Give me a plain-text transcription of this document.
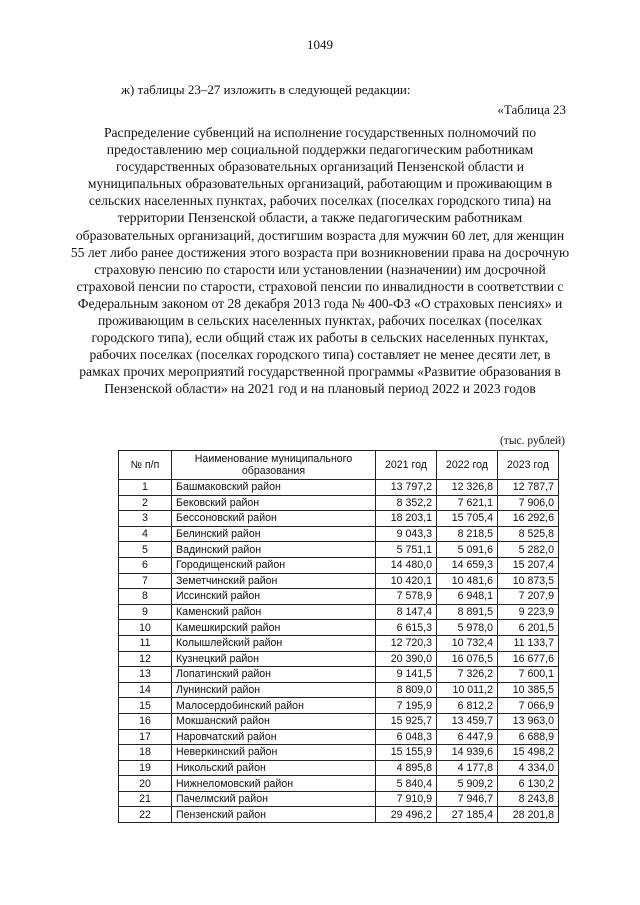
1049
ж) таблицы 23–27 изложить в следующей редакции:
«Таблица 23
Распределение субвенций на исполнение государственных полномочий по предоставлению мер социальной поддержки педагогическим работникам государственных образовательных организаций Пензенской области и муниципальных образовательных организаций, работающим и проживающим в сельских населенных пунктах, рабочих поселках (поселках городского типа) на территории Пензенской области, а также педагогическим работникам образовательных организаций, достигшим возраста для мужчин 60 лет, для женщин 55 лет либо ранее достижения этого возраста при возникновении права на досрочную страховую пенсию по старости или установлении (назначении) им досрочной страховой пенсии по старости, страховой пенсии по инвалидности в соответствии с Федеральным законом от 28 декабря 2013 года № 400-ФЗ «О страховых пенсиях» и проживающим в сельских населенных пунктах, рабочих поселках (поселках городского типа), если общий стаж их работы в сельских населенных пунктах, рабочих поселках (поселках городского типа) составляет не менее десяти лет, в рамках прочих мероприятий государственной программы «Развитие образования в Пензенской области» на 2021 год и на плановый период 2022 и 2023 годов
(тыс. рублей)
№ п/п	Наименование муниципального образования	2021 год	2022 год	2023 год
1	Башмаковский район	13 797,2	12 326,8	12 787,7
2	Бековский район	8 352,2	7 621,1	7 906,0
3	Бессоновский район	18 203,1	15 705,4	16 292,6
4	Белинский район	9 043,3	8 218,5	8 525,8
5	Вадинский район	5 751,1	5 091,6	5 282,0
6	Городищенский район	14 480,0	14 659,3	15 207,4
7	Земетчинский район	10 420,1	10 481,6	10 873,5
8	Иссинский район	7 578,9	6 948,1	7 207,9
9	Каменский район	8 147,4	8 891,5	9 223,9
10	Камешкирский район	6 615,3	5 978,0	6 201,5
11	Колышлейский район	12 720,3	10 732,4	11 133,7
12	Кузнецкий район	20 390,0	16 076,5	16 677,6
13	Лопатинский район	9 141,5	7 326,2	7 600,1
14	Лунинский район	8 809,0	10 011,2	10 385,5
15	Малосердобинский район	7 195,9	6 812,2	7 066,9
16	Мокшанский район	15 925,7	13 459,7	13 963,0
17	Наровчатский район	6 048,3	6 447,9	6 688,9
18	Неверкинский район	15 155,9	14 939,6	15 498,2
19	Никольский район	4 895,8	4 177,8	4 334,0
20	Нижнеломовский район	5 840,4	5 909,2	6 130,2
21	Пачелмский район	7 910,9	7 946,7	8 243,8
22	Пензенский район	29 496,2	27 185,4	28 201,8
